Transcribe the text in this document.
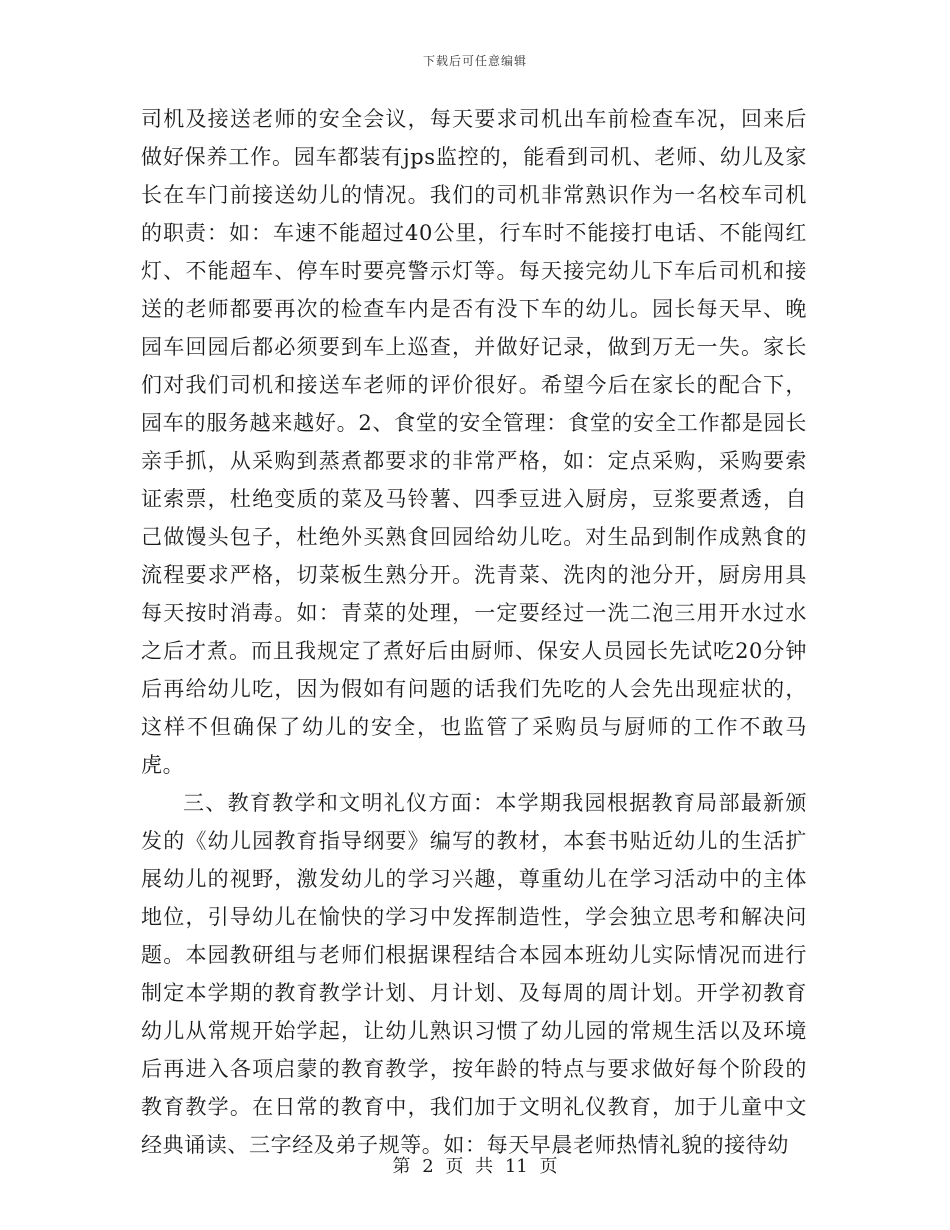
下载后可任意编辑

司机及接送老师的安全会议，每天要求司机出车前检查车况，回来后做好保养工作。园车都装有jps监控的，能看到司机、老师、幼儿及家长在车门前接送幼儿的情况。我们的司机非常熟识作为一名校车司机的职责：如：车速不能超过40公里，行车时不能接打电话、不能闯红灯、不能超车、停车时要亮警示灯等。每天接完幼儿下车后司机和接送的老师都要再次的检查车内是否有没下车的幼儿。园长每天早、晚园车回园后都必须要到车上巡查，并做好记录，做到万无一失。家长们对我们司机和接送车老师的评价很好。希望今后在家长的配合下，园车的服务越来越好。2、食堂的安全管理：食堂的安全工作都是园长亲手抓，从采购到蒸煮都要求的非常严格，如：定点采购，采购要索证索票，杜绝变质的菜及马铃薯、四季豆进入厨房，豆浆要煮透，自己做馒头包子，杜绝外买熟食回园给幼儿吃。对生品到制作成熟食的流程要求严格，切菜板生熟分开。洗青菜、洗肉的池分开，厨房用具每天按时消毒。如：青菜的处理，一定要经过一洗二泡三用开水过水之后才煮。而且我规定了煮好后由厨师、保安人员园长先试吃20分钟后再给幼儿吃，因为假如有问题的话我们先吃的人会先出现症状的，这样不但确保了幼儿的安全，也监管了采购员与厨师的工作不敢马虎。

三、教育教学和文明礼仪方面：本学期我园根据教育局部最新颁发的《幼儿园教育指导纲要》编写的教材，本套书贴近幼儿的生活扩展幼儿的视野，激发幼儿的学习兴趣，尊重幼儿在学习活动中的主体地位，引导幼儿在愉快的学习中发挥制造性，学会独立思考和解决问题。本园教研组与老师们根据课程结合本园本班幼儿实际情况而进行制定本学期的教育教学计划、月计划、及每周的周计划。开学初教育幼儿从常规开始学起，让幼儿熟识习惯了幼儿园的常规生活以及环境后再进入各项启蒙的教育教学，按年龄的特点与要求做好每个阶段的教育教学。在日常的教育中，我们加于文明礼仪教育，加于儿童中文经典诵读、三字经及弟子规等。如：每天早晨老师热情礼貌的接待幼

第 2 页 共 11 页
